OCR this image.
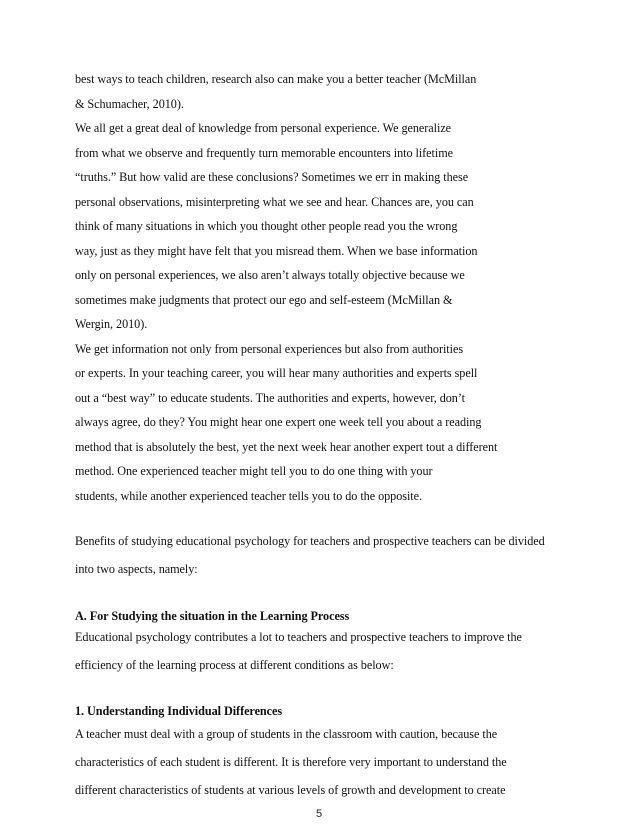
best ways to teach children, research also can make you a better teacher (McMillan
& Schumacher, 2010).
We all get a great deal of knowledge from personal experience. We generalize
from what we observe and frequently turn memorable encounters into lifetime
“truths.” But how valid are these conclusions? Sometimes we err in making these
personal observations, misinterpreting what we see and hear. Chances are, you can
think of many situations in which you thought other people read you the wrong
way, just as they might have felt that you misread them. When we base information
only on personal experiences, we also aren’t always totally objective because we
sometimes make judgments that protect our ego and self-esteem (McMillan &
Wergin, 2010).
We get information not only from personal experiences but also from authorities
or experts. In your teaching career, you will hear many authorities and experts spell
out a “best way” to educate students. The authorities and experts, however, don’t
always agree, do they? You might hear one expert one week tell you about a reading
method that is absolutely the best, yet the next week hear another expert tout a different
method. One experienced teacher might tell you to do one thing with your
students, while another experienced teacher tells you to do the opposite.
Benefits of studying educational psychology for teachers and prospective teachers can be divided
into two aspects, namely:
A. For Studying the situation in the Learning Process
Educational psychology contributes a lot to teachers and prospective teachers to improve the
efficiency of the learning process at different conditions as below:
1. Understanding Individual Differences
A teacher must deal with a group of students in the classroom with caution, because the
characteristics of each student is different. It is therefore very important to understand the
different characteristics of students at various levels of growth and development to create
5
